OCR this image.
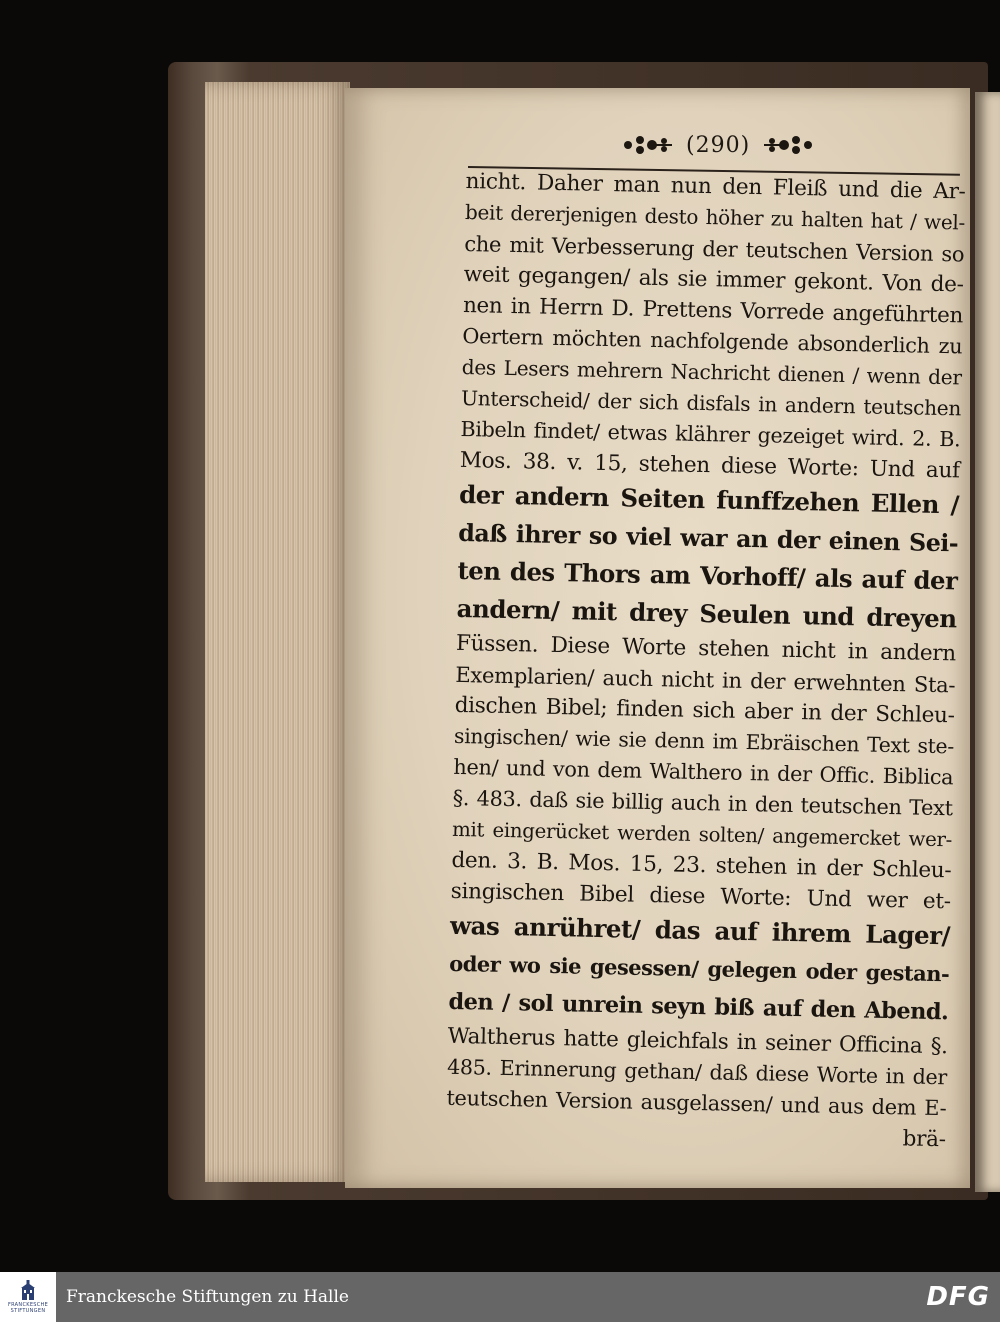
(290)
nicht. Daher man nun den Fleiß und die Ar-
beit dererjenigen desto höher zu halten hat / wel-
che mit Verbesserung der teutschen Version so
weit gegangen/ als sie immer gekont. Von de-
nen in Herrn D. Prettens Vorrede angeführten
Oertern möchten nachfolgende absonderlich zu
des Lesers mehrern Nachricht dienen / wenn der
Unterscheid/ der sich disfals in andern teutschen
Bibeln findet/ etwas klährer gezeiget wird. 2. B.
Mos. 38. v. 15, stehen diese Worte: Und auf
der andern Seiten funffzehen Ellen /
daß ihrer so viel war an der einen Sei-
ten des Thors am Vorhoff/ als auf der
andern/ mit drey Seulen und dreyen
Füssen. Diese Worte stehen nicht in andern
Exemplarien/ auch nicht in der erwehnten Sta-
dischen Bibel; finden sich aber in der Schleu-
singischen/ wie sie denn im Ebräischen Text ste-
hen/ und von dem Walthero in der Offic. Biblica
§. 483. daß sie billig auch in den teutschen Text
mit eingerücket werden solten/ angemercket wer-
den. 3. B. Mos. 15, 23. stehen in der Schleu-
singischen Bibel diese Worte: Und wer et-
was anrühret/ das auf ihrem Lager/
oder wo sie gesessen/ gelegen oder gestan-
den / sol unrein seyn biß auf den Abend.
Waltherus hatte gleichfals in seiner Officina §.
485. Erinnerung gethan/ daß diese Worte in der
teutschen Version ausgelassen/ und aus dem E-
brä-
FRANCKESCHE
STIFTUNGEN
Franckesche Stiftungen zu Halle	DFG
